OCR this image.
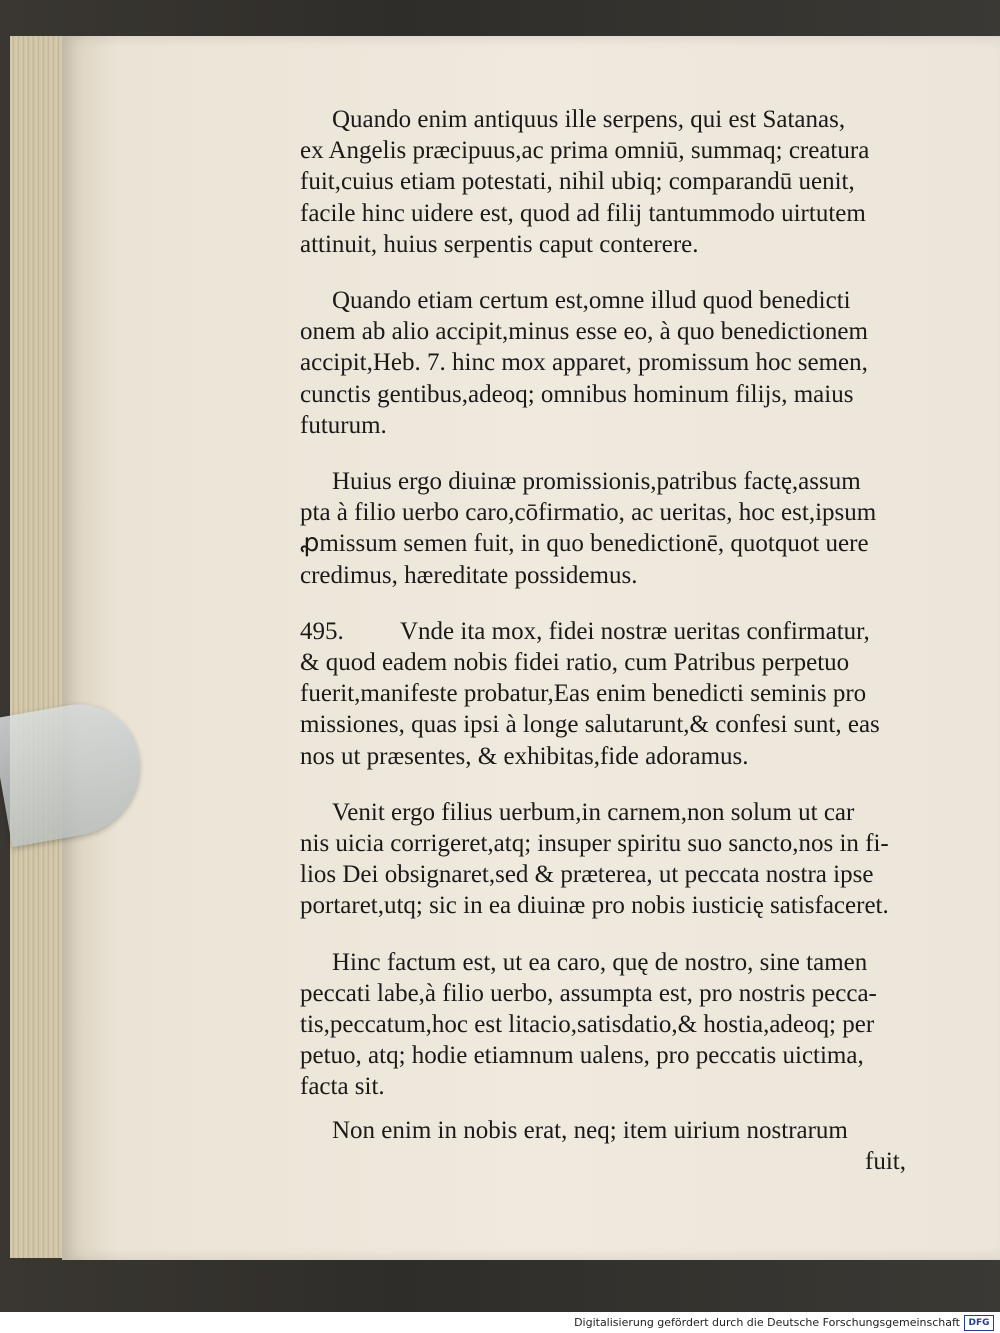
Quando enim antiquus ille serpens, qui est Satanas,
ex Angelis præcipuus,ac prima omniū, summaq; creatura
fuit,cuius etiam potestati, nihil ubiq; comparandū uenit,
facile hinc uidere est, quod ad filij tantummodo uirtutem
attinuit, huius serpentis caput conterere.
Quando etiam certum est,omne illud quod benedicti
onem ab alio accipit,minus esse eo, à quo benedictionem
accipit,Heb. 7. hinc mox apparet, promissum hoc semen,
cunctis gentibus,adeoq; omnibus hominum filijs, maius
futurum.
Huius ergo diuinæ promissionis,patribus factę,assum
pta à filio uerbo caro,cōfirmatio, ac ueritas, hoc est,ipsum
ꝓmissum semen fuit, in quo benedictionē, quotquot uere
credimus, hæreditate possidemus.
495. Vnde ita mox, fidei nostræ ueritas confirmatur,
& quod eadem nobis fidei ratio, cum Patribus perpetuo
fuerit,manifeste probatur,Eas enim benedicti seminis pro
missiones, quas ipsi à longe salutarunt,& confesi sunt, eas
nos ut præsentes, & exhibitas,fide adoramus.
Venit ergo filius uerbum,in carnem,non solum ut car
nis uicia corrigeret,atq; insuper spiritu suo sancto,nos in fi-
lios Dei obsignaret,sed & præterea, ut peccata nostra ipse
portaret,utq; sic in ea diuinæ pro nobis iusticię satisfaceret.
Hinc factum est, ut ea caro, quę de nostro, sine tamen
peccati labe,à filio uerbo, assumpta est, pro nostris pecca-
tis,peccatum,hoc est litacio,satisdatio,& hostia,adeoq; per
petuo, atq; hodie etiamnum ualens, pro peccatis uictima,
facta sit.
Non enim in nobis erat, neq; item uirium nostrarum
fuit,
Digitalisierung gefördert durch die Deutsche Forschungsgemeinschaft DFG
